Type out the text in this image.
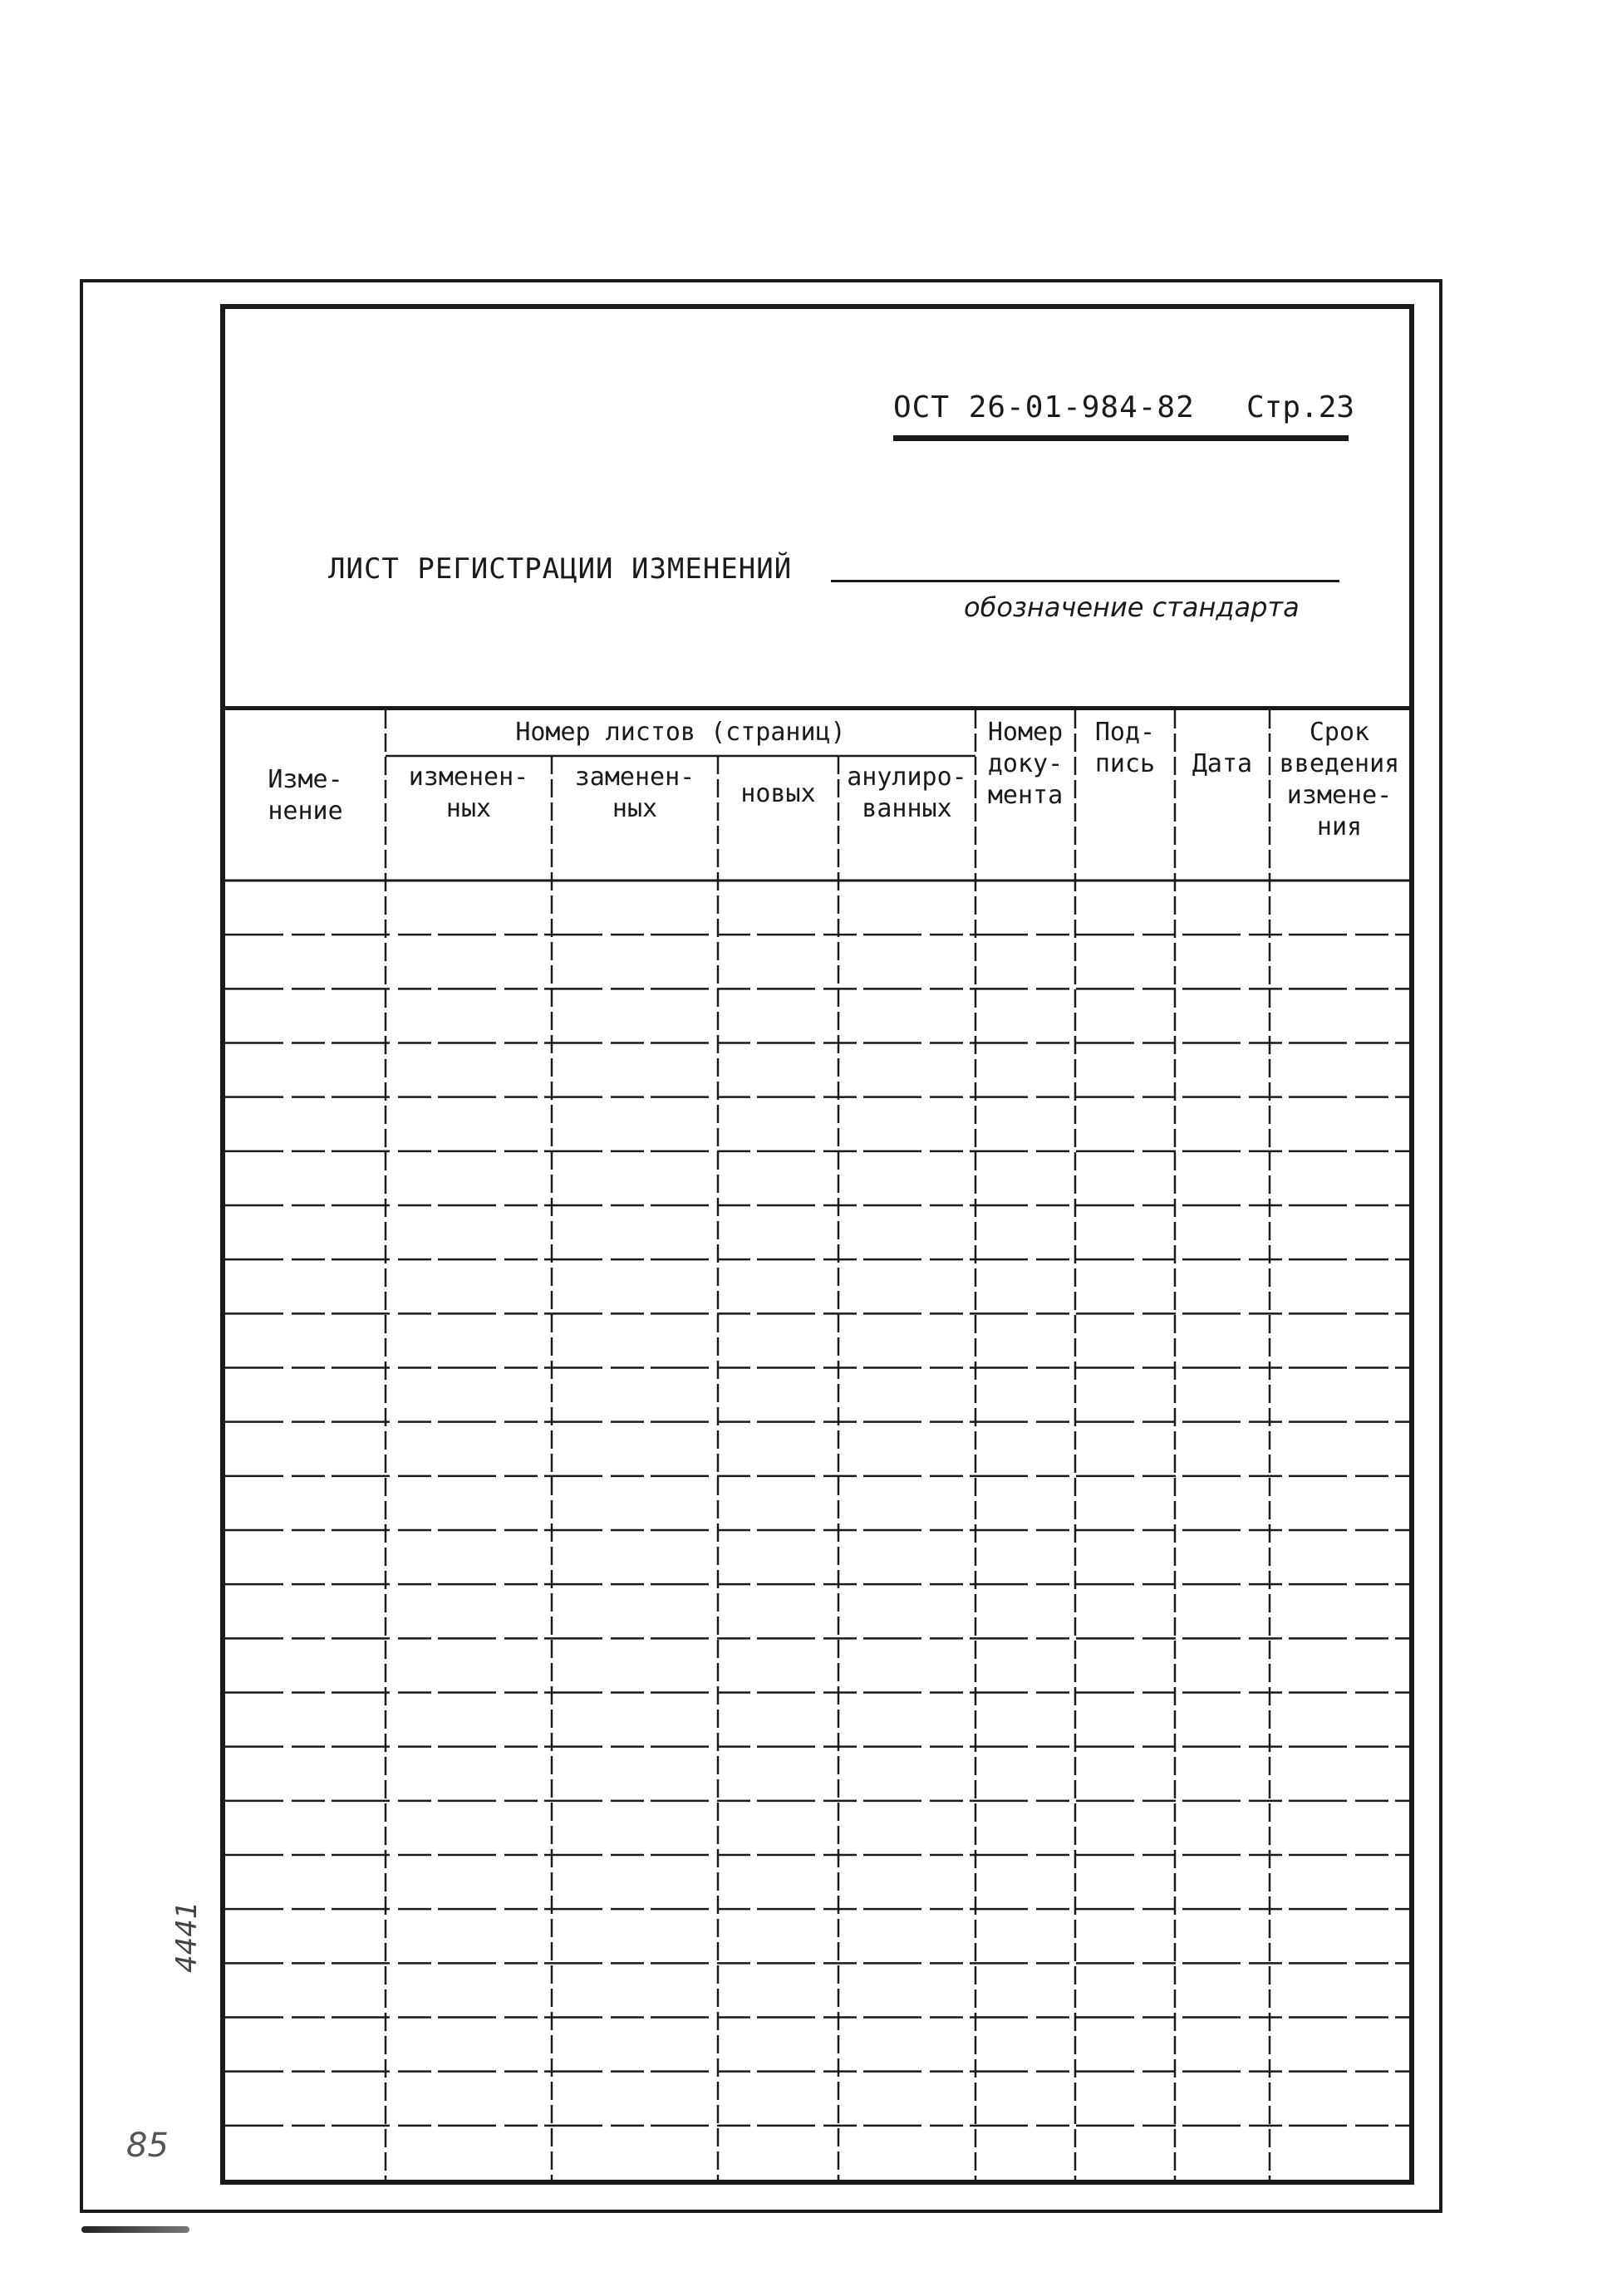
ОСТ 26-01-984-82 Стр.23
ЛИСТ РЕГИСТРАЦИИ ИЗМЕНЕНИЙ
обозначение стандарта
Изме-
нение
Номер листов (страниц)
изменен-
ных
заменен-
ных
новых
анулиро-
ванных
Номер
доку-
мента
Под-
пись	Дата
Срок
введения
измене-
ния
4441
85
